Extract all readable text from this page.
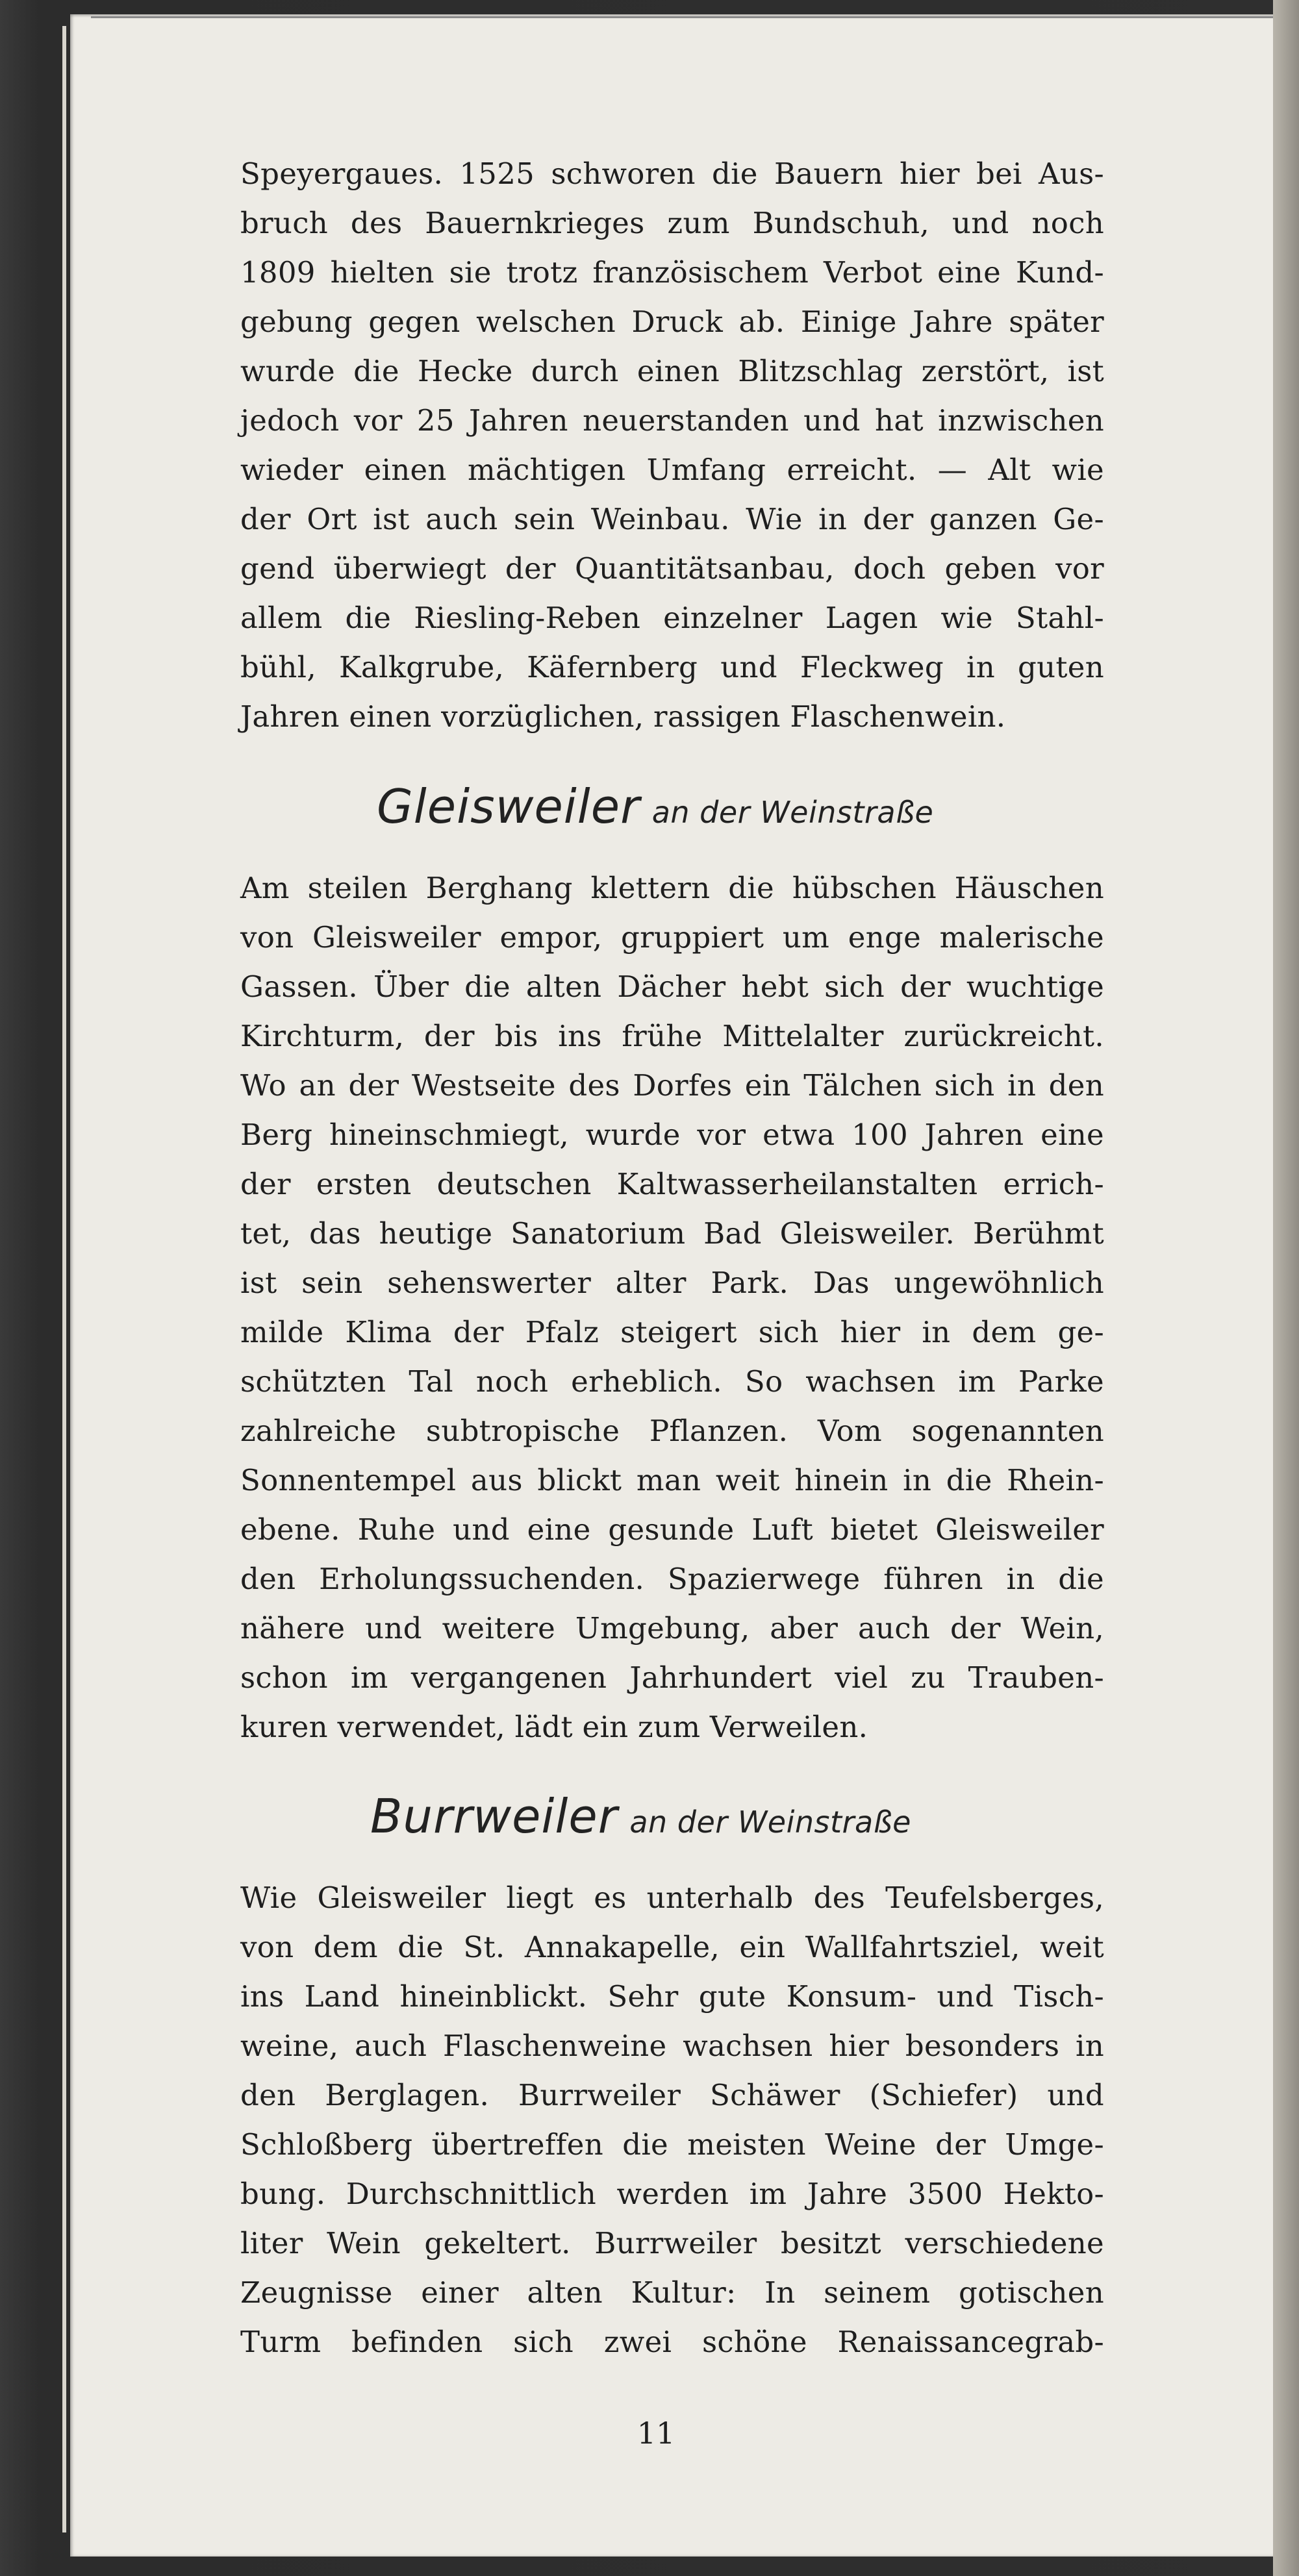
Speyergaues. 1525 schworen die Bauern hier bei Aus-
bruch des Bauernkrieges zum Bundschuh, und noch
1809 hielten sie trotz französischem Verbot eine Kund-
gebung gegen welschen Druck ab. Einige Jahre später
wurde die Hecke durch einen Blitzschlag zerstört, ist
jedoch vor 25 Jahren neuerstanden und hat inzwischen
wieder einen mächtigen Umfang erreicht. — Alt wie
der Ort ist auch sein Weinbau. Wie in der ganzen Ge-
gend überwiegt der Quantitätsanbau, doch geben vor
allem die Riesling-Reben einzelner Lagen wie Stahl-
bühl, Kalkgrube, Käfernberg und Fleckweg in guten
Jahren einen vorzüglichen, rassigen Flaschenwein.
Gleisweiler an der Weinstraße
Am steilen Berghang klettern die hübschen Häuschen
von Gleisweiler empor, gruppiert um enge malerische
Gassen. Über die alten Dächer hebt sich der wuchtige
Kirchturm, der bis ins frühe Mittelalter zurückreicht.
Wo an der Westseite des Dorfes ein Tälchen sich in den
Berg hineinschmiegt, wurde vor etwa 100 Jahren eine
der ersten deutschen Kaltwasserheilanstalten errich-
tet, das heutige Sanatorium Bad Gleisweiler. Berühmt
ist sein sehenswerter alter Park. Das ungewöhnlich
milde Klima der Pfalz steigert sich hier in dem ge-
schützten Tal noch erheblich. So wachsen im Parke
zahlreiche subtropische Pflanzen. Vom sogenannten
Sonnentempel aus blickt man weit hinein in die Rhein-
ebene. Ruhe und eine gesunde Luft bietet Gleisweiler
den Erholungssuchenden. Spazierwege führen in die
nähere und weitere Umgebung, aber auch der Wein,
schon im vergangenen Jahrhundert viel zu Trauben-
kuren verwendet, lädt ein zum Verweilen.
Burrweiler an der Weinstraße
Wie Gleisweiler liegt es unterhalb des Teufelsberges,
von dem die St. Annakapelle, ein Wallfahrtsziel, weit
ins Land hineinblickt. Sehr gute Konsum- und Tisch-
weine, auch Flaschenweine wachsen hier besonders in
den Berglagen. Burrweiler Schäwer (Schiefer) und
Schloßberg übertreffen die meisten Weine der Umge-
bung. Durchschnittlich werden im Jahre 3500 Hekto-
liter Wein gekeltert. Burrweiler besitzt verschiedene
Zeugnisse einer alten Kultur: In seinem gotischen
Turm befinden sich zwei schöne Renaissancegrab-
11
